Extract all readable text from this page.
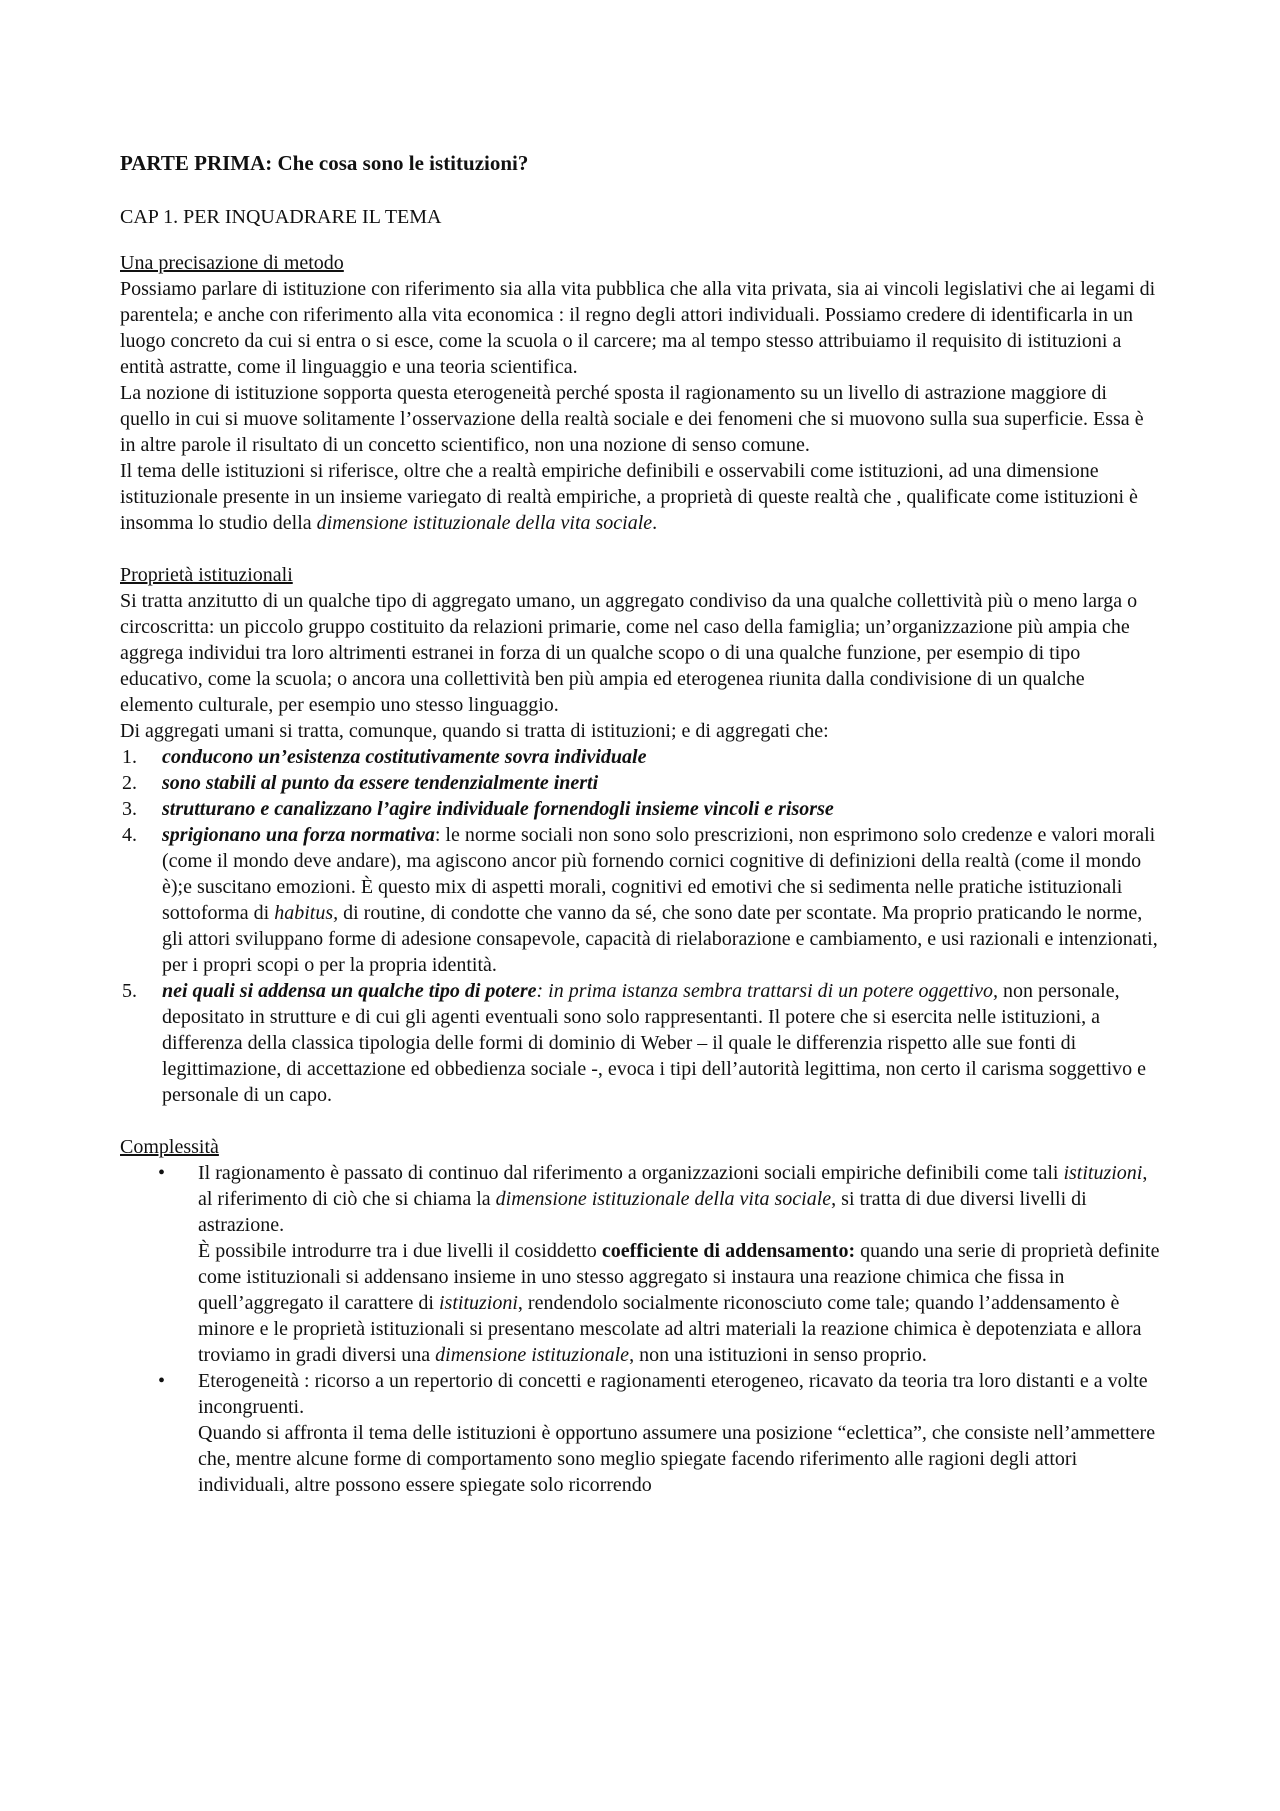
PARTE PRIMA: Che cosa sono le istituzioni?
CAP 1. PER INQUADRARE IL TEMA

Una precisazione di metodo

Possiamo parlare di istituzione con riferimento sia alla vita pubblica che alla vita privata, sia ai vincoli legislativi che ai legami di parentela; e anche con riferimento alla vita economica : il regno degli attori individuali. Possiamo credere di identificarla in un luogo concreto da cui si entra o si esce, come la scuola o il carcere; ma al tempo stesso attribuiamo il requisito di istituzioni a entità astratte, come il linguaggio e una teoria scientifica.

La nozione di istituzione sopporta questa eterogeneità perché sposta il ragionamento su un livello di astrazione maggiore di quello in cui si muove solitamente l’osservazione della realtà sociale e dei fenomeni che si muovono sulla sua superficie. Essa è in altre parole il risultato di un concetto scientifico, non una nozione di senso comune.

Il tema delle istituzioni si riferisce, oltre che a realtà empiriche definibili e osservabili come istituzioni, ad una dimensione istituzionale presente in un insieme variegato di realtà empiriche, a proprietà di queste realtà che , qualificate come istituzioni è insomma lo studio della dimensione istituzionale della vita sociale.

Proprietà istituzionali

Si tratta anzitutto di un qualche tipo di aggregato umano, un aggregato condiviso da una qualche collettività più o meno larga o circoscritta: un piccolo gruppo costituito da relazioni primarie, come nel caso della famiglia; un’organizzazione più ampia che aggrega individui tra loro altrimenti estranei in forza di un qualche scopo o di una qualche funzione, per esempio di tipo educativo, come la scuola; o ancora una collettività ben più ampia ed eterogenea riunita dalla condivisione di un qualche elemento culturale, per esempio uno stesso linguaggio.

Di aggregati umani si tratta, comunque, quando si tratta di istituzioni; e di aggregati che:

1. conducono un’esistenza costitutivamente sovra individuale
2. sono stabili al punto da essere tendenzialmente inerti
3. strutturano e canalizzano l’agire individuale fornendogli insieme vincoli e risorse
4. sprigionano una forza normativa: le norme sociali non sono solo prescrizioni, non esprimono solo credenze e valori morali (come il mondo deve andare), ma agiscono ancor più fornendo cornici cognitive di definizioni della realtà (come il mondo è);e suscitano emozioni. È questo mix di aspetti morali, cognitivi ed emotivi che si sedimenta nelle pratiche istituzionali sottoforma di habitus, di routine, di condotte che vanno da sé, che sono date per scontate. Ma proprio praticando le norme, gli attori sviluppano forme di adesione consapevole, capacità di rielaborazione e cambiamento, e usi razionali e intenzionati, per i propri scopi o per la propria identità.
5. nei quali si addensa un qualche tipo di potere: in prima istanza sembra trattarsi di un potere oggettivo, non personale, depositato in strutture e di cui gli agenti eventuali sono solo rappresentanti. Il potere che si esercita nelle istituzioni, a differenza della classica tipologia delle formi di dominio di Weber – il quale le differenzia rispetto alle sue fonti di legittimazione, di accettazione ed obbedienza sociale -, evoca i tipi dell’autorità legittima, non certo il carisma soggettivo e personale di un capo.

Complessità

• Il ragionamento è passato di continuo dal riferimento a organizzazioni sociali empiriche definibili come tali istituzioni, al riferimento di ciò che si chiama la dimensione istituzionale della vita sociale, si tratta di due diversi livelli di astrazione.

È possibile introdurre tra i due livelli il cosiddetto coefficiente di addensamento: quando una serie di proprietà definite come istituzionali si addensano insieme in uno stesso aggregato si instaura una reazione chimica che fissa in quell’aggregato il carattere di istituzioni, rendendolo socialmente riconosciuto come tale; quando l’addensamento è minore e le proprietà istituzionali si presentano mescolate ad altri materiali la reazione chimica è depotenziata e allora troviamo in gradi diversi una dimensione istituzionale, non una istituzioni in senso proprio.

• Eterogeneità : ricorso a un repertorio di concetti e ragionamenti eterogeneo, ricavato da teoria tra loro distanti e a volte incongruenti.

Quando si affronta il tema delle istituzioni è opportuno assumere una posizione “eclettica”, che consiste nell’ammettere che, mentre alcune forme di comportamento sono meglio spiegate facendo riferimento alle ragioni degli attori individuali, altre possono essere spiegate solo ricorrendo
